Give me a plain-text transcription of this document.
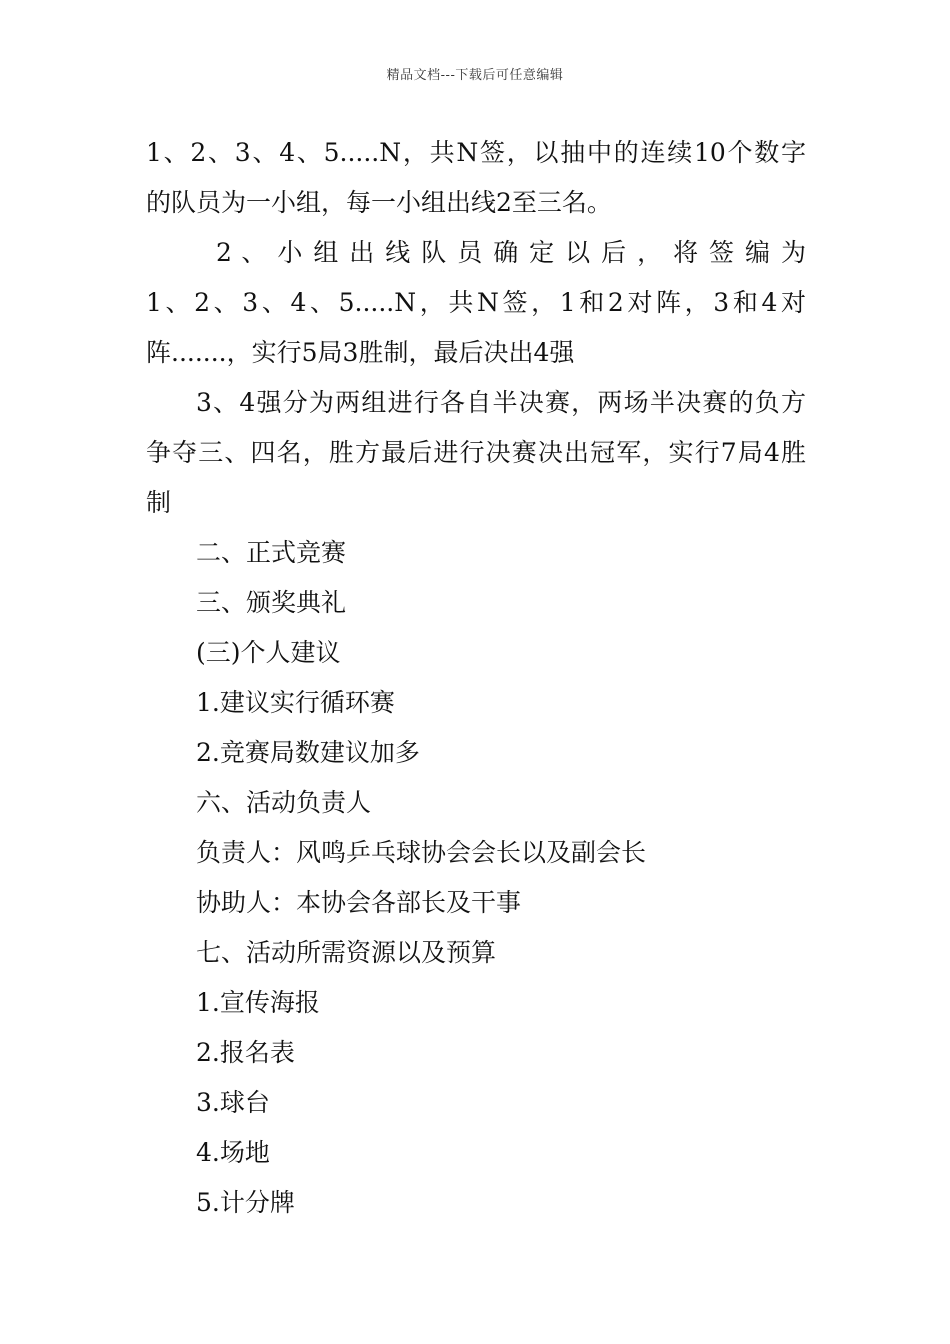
精品文档---下载后可任意编辑
1、2、3、4、5.....N，共N签，以抽中的连续10个数字
的队员为一小组，每一小组出线2至三名。
2 、 小 组 出 线 队 员 确 定 以 后 ， 将 签 编 为
1、2、3、4、5.....N，共N签，1和2对阵，3和4对
阵.......，实行5局3胜制，最后决出4强
3、4强分为两组进行各自半决赛，两场半决赛的负方
争夺三、四名，胜方最后进行决赛决出冠军，实行7局4胜
制
二、正式竞赛
三、颁奖典礼
(三)个人建议
1.建议实行循环赛
2.竞赛局数建议加多
六、活动负责人
负责人：风鸣乒乓球协会会长以及副会长
协助人：本协会各部长及干事
七、活动所需资源以及预算
1.宣传海报
2.报名表
3.球台
4.场地
5.计分牌
